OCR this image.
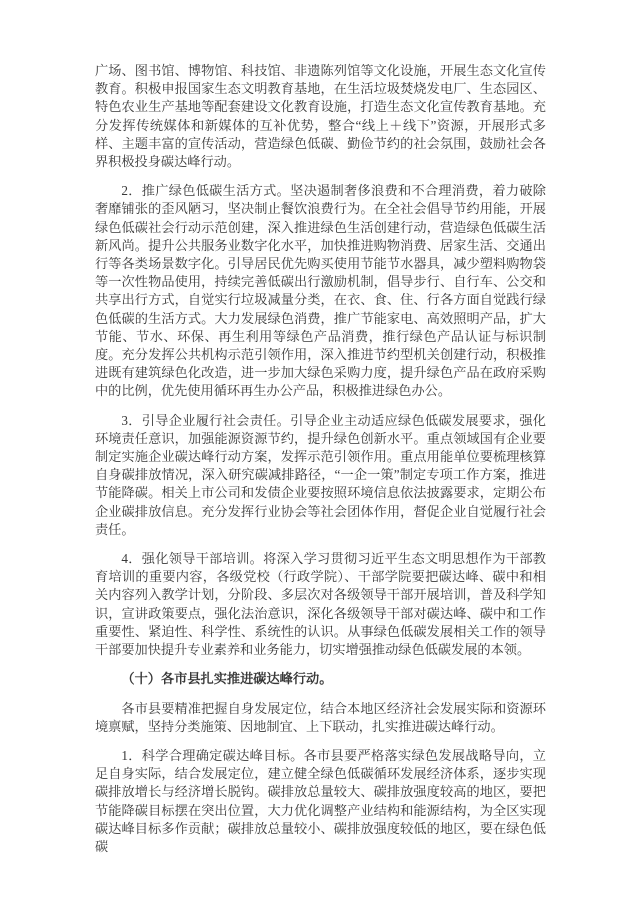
广场、图书馆、博物馆、科技馆、非遗陈列馆等文化设施，开展生态文化宣传教育。积极申报国家生态文明教育基地，在生活垃圾焚烧发电厂、生态园区、特色农业生产基地等配套建设文化教育设施，打造生态文化宣传教育基地。充分发挥传统媒体和新媒体的互补优势，整合“线上＋线下”资源，开展形式多样、主题丰富的宣传活动，营造绿色低碳、勤俭节约的社会氛围，鼓励社会各界积极投身碳达峰行动。

2．推广绿色低碳生活方式。坚决遏制奢侈浪费和不合理消费，着力破除奢靡铺张的歪风陋习，坚决制止餐饮浪费行为。在全社会倡导节约用能，开展绿色低碳社会行动示范创建，深入推进绿色生活创建行动，营造绿色低碳生活新风尚。提升公共服务业数字化水平，加快推进购物消费、居家生活、交通出行等各类场景数字化。引导居民优先购买使用节能节水器具，减少塑料购物袋等一次性物品使用，持续完善低碳出行激励机制，倡导步行、自行车、公交和共享出行方式，自觉实行垃圾减量分类，在衣、食、住、行各方面自觉践行绿色低碳的生活方式。大力发展绿色消费，推广节能家电、高效照明产品，扩大节能、节水、环保、再生利用等绿色产品消费，推行绿色产品认证与标识制度。充分发挥公共机构示范引领作用，深入推进节约型机关创建行动，积极推进既有建筑绿色化改造，进一步加大绿色采购力度，提升绿色产品在政府采购中的比例，优先使用循环再生办公产品，积极推进绿色办公。

3．引导企业履行社会责任。引导企业主动适应绿色低碳发展要求，强化环境责任意识，加强能源资源节约，提升绿色创新水平。重点领域国有企业要制定实施企业碳达峰行动方案，发挥示范引领作用。重点用能单位要梳理核算自身碳排放情况，深入研究碳减排路径，“一企一策”制定专项工作方案，推进节能降碳。相关上市公司和发债企业要按照环境信息依法披露要求，定期公布企业碳排放信息。充分发挥行业协会等社会团体作用，督促企业自觉履行社会责任。

4．强化领导干部培训。将深入学习贯彻习近平生态文明思想作为干部教育培训的重要内容，各级党校（行政学院）、干部学院要把碳达峰、碳中和相关内容列入教学计划，分阶段、多层次对各级领导干部开展培训，普及科学知识，宣讲政策要点，强化法治意识，深化各级领导干部对碳达峰、碳中和工作重要性、紧迫性、科学性、系统性的认识。从事绿色低碳发展相关工作的领导干部要加快提升专业素养和业务能力，切实增强推动绿色低碳发展的本领。

（十）各市县扎实推进碳达峰行动。

各市县要精准把握自身发展定位，结合本地区经济社会发展实际和资源环境禀赋，坚持分类施策、因地制宜、上下联动，扎实推进碳达峰行动。

1．科学合理确定碳达峰目标。各市县要严格落实绿色发展战略导向，立足自身实际，结合发展定位，建立健全绿色低碳循环发展经济体系，逐步实现碳排放增长与经济增长脱钩。碳排放总量较大、碳排放强度较高的地区，要把节能降碳目标摆在突出位置，大力优化调整产业结构和能源结构，为全区实现碳达峰目标多作贡献；碳排放总量较小、碳排放强度较低的地区，要在绿色低碳
